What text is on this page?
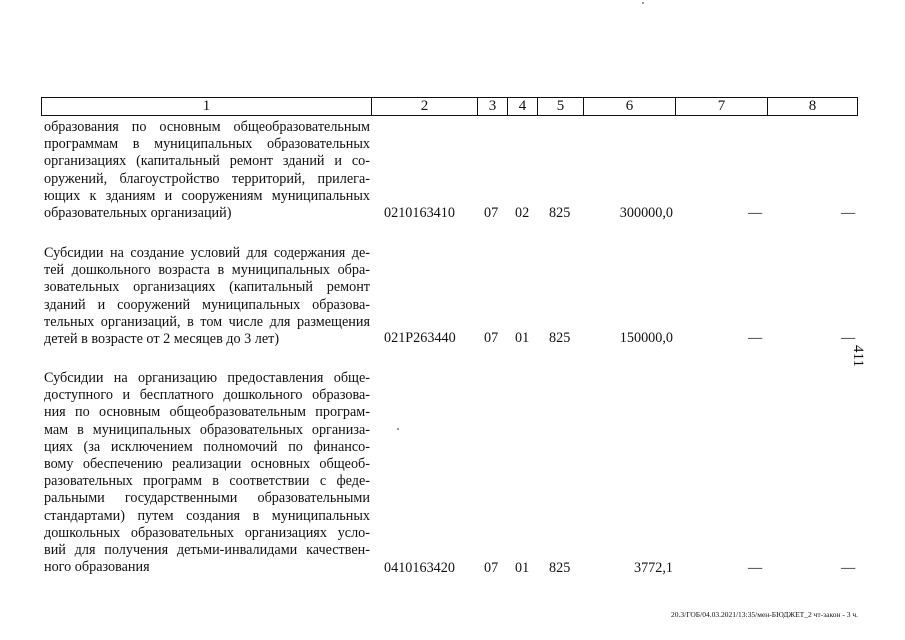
1	2	3	4	5	6	7	8
образования по основным общеобразовательным
программам в муниципальных образовательных
организациях (капитальный ремонт зданий и со-
оружений, благоустройство территорий, прилега-
ющих к зданиям и сооружениям муниципальных
образовательных организаций)	0210163410 07 02 825	300000,0	—	—
Субсидии на создание условий для содержания де-
тей дошкольного возраста в муниципальных обра-
зовательных организациях (капитальный ремонт
зданий и сооружений муниципальных образова-
тельных организаций, в том числе для размещения
детей в возрасте от 2 месяцев до 3 лет)	021P263440 07 01 825	150000,0	—	—
Субсидии на организацию предоставления обще-
доступного и бесплатного дошкольного образова-
ния по основным общеобразовательным програм-
мам в муниципальных образовательных организа-
циях (за исключением полномочий по финансо-
вому обеспечению реализации основных общеоб-
разовательных программ в соответствии с феде-
ральными государственными образовательными
стандартами) путем создания в муниципальных
дошкольных образовательных организациях усло-
вий для получения детьми-инвалидами качествен-
ного образования	0410163420 07 01 825	3772,1	—	—
411
20.3/ГОБ/04.03.2021/13:35/мен-БЮДЖЕТ_2 чт-закон - 3 ч.
